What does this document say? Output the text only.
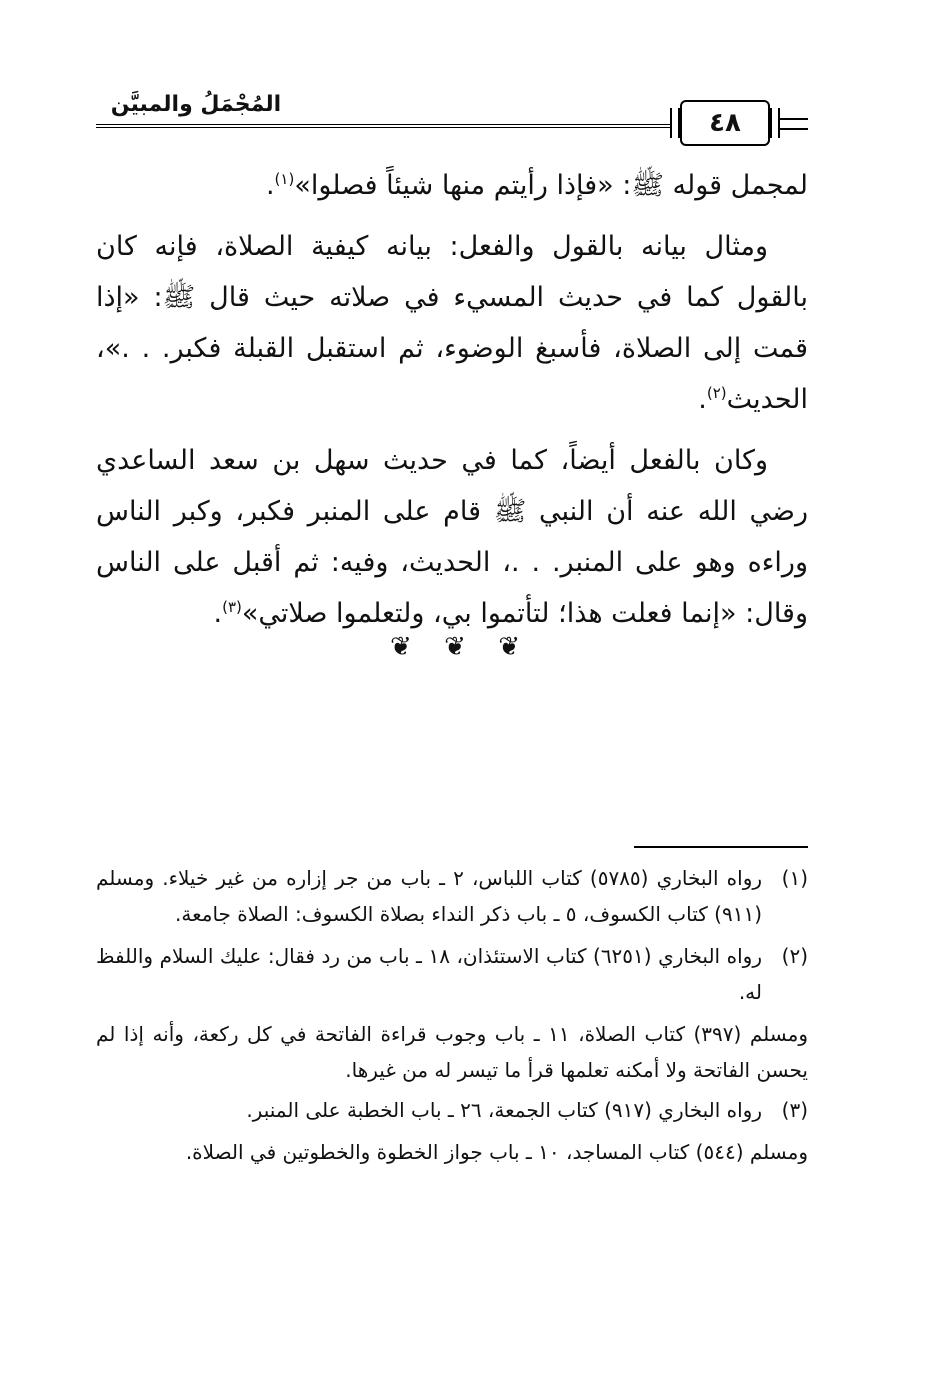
المُجْمَلُ والمبيَّن
٤٨

لمجمل قوله ﷺ: «فإذا رأيتم منها شيئاً فصلوا»$^{(١)}$.

ومثال بيانه بالقول والفعل: بيانه كيفية الصلاة، فإنه كان بالقول كما في حديث المسيء في صلاته حيث قال ﷺ: «إذا قمت إلى الصلاة، فأسبغ الوضوء، ثم استقبل القبلة فكبر. . .»، الحديث$^{(٢)}$.

وكان بالفعل أيضاً، كما في حديث سهل بن سعد الساعدي رضي الله عنه أن النبي ﷺ قام على المنبر فكبر، وكبر الناس وراءه وهو على المنبر. . .، الحديث، وفيه: ثم أقبل على الناس وقال: «إنما فعلت هذا؛ لتأتموا بي، ولتعلموا صلاتي»$^{(٣)}$.

❦ ❦ ❦
(١)

رواه البخاري (٥٧٨٥) كتاب اللباس، ٢ ـ باب من جر إزاره من غير خيلاء. ومسلم (٩١١) كتاب الكسوف، ٥ ـ باب ذكر النداء بصلاة الكسوف: الصلاة جامعة.

(٢)

رواه البخاري (٦٢٥١) كتاب الاستئذان، ١٨ ـ باب من رد فقال: عليك السلام واللفظ له.

ومسلم (٣٩٧) كتاب الصلاة، ١١ ـ باب وجوب قراءة الفاتحة في كل ركعة، وأنه إذا لم يحسن الفاتحة ولا أمكنه تعلمها قرأ ما تيسر له من غيرها.

(٣)

رواه البخاري (٩١٧) كتاب الجمعة، ٢٦ ـ باب الخطبة على المنبر.

ومسلم (٥٤٤) كتاب المساجد، ١٠ ـ باب جواز الخطوة والخطوتين في الصلاة.
